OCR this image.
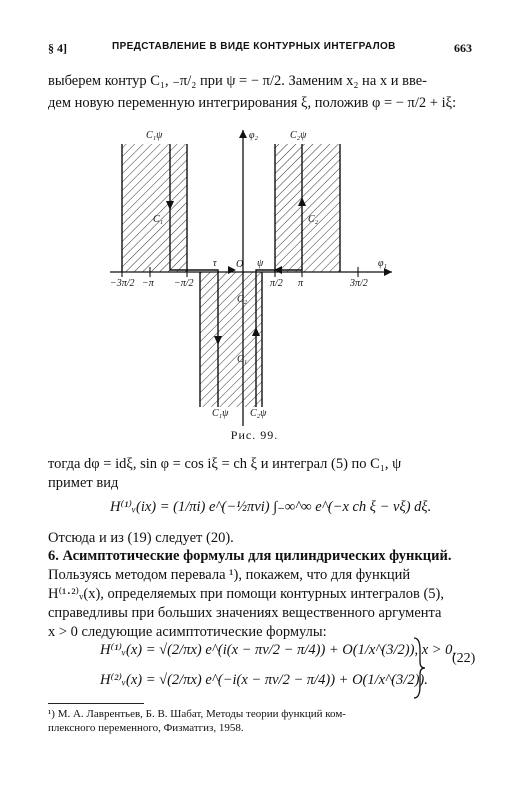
§ 4]	ПРЕДСТАВЛЕНИЕ В ВИДЕ КОНТУРНЫХ ИНТЕГРАЛОВ	663
выберем контур C₁, ₋π/₂ при ψ = − π/2. Заменим x₂ на x и вве-
дем новую переменную интегрирования ξ, положив φ = − π/2 + iξ:
φ₂
φ₁
O
τ	ψ
−3π/2 −π −π/2	π/2 π	3π/2
C₁ψ	C₂ψ
C₁	C₂
C₂
C₁
C₁ψ C₂ψ
Рис. 99.
тогда dφ = idξ, sin φ = cos iξ = ch ξ и интеграл (5) по C₁, ψ
примет вид
H⁽¹⁾ᵥ(ix) = (1/πi) e^(−½πvi) ∫₋∞^∞ e^(−x ch ξ − vξ) dξ.
Отсюда и из (19) следует (20).
6. Асимптотические формулы для цилиндрических функций.
Пользуясь методом перевала ¹), покажем, что для функций
H⁽¹·²⁾ᵥ(x), определяемых при помощи контурных интегралов (5),
справедливы при больших значениях вещественного аргумента
x > 0 следующие асимптотические формулы:
H⁽¹⁾ᵥ(x) = √(2/πx) e^(i(x − πv/2 − π/4)) + O(1/x^(3/2)), x > 0,
H⁽²⁾ᵥ(x) = √(2/πx) e^(−i(x − πv/2 − π/4)) + O(1/x^(3/2)).
(22)
¹) М. А. Лаврентьев, Б. В. Шабат, Методы теории функций ком-
плексного переменного, Физматгиз, 1958.
